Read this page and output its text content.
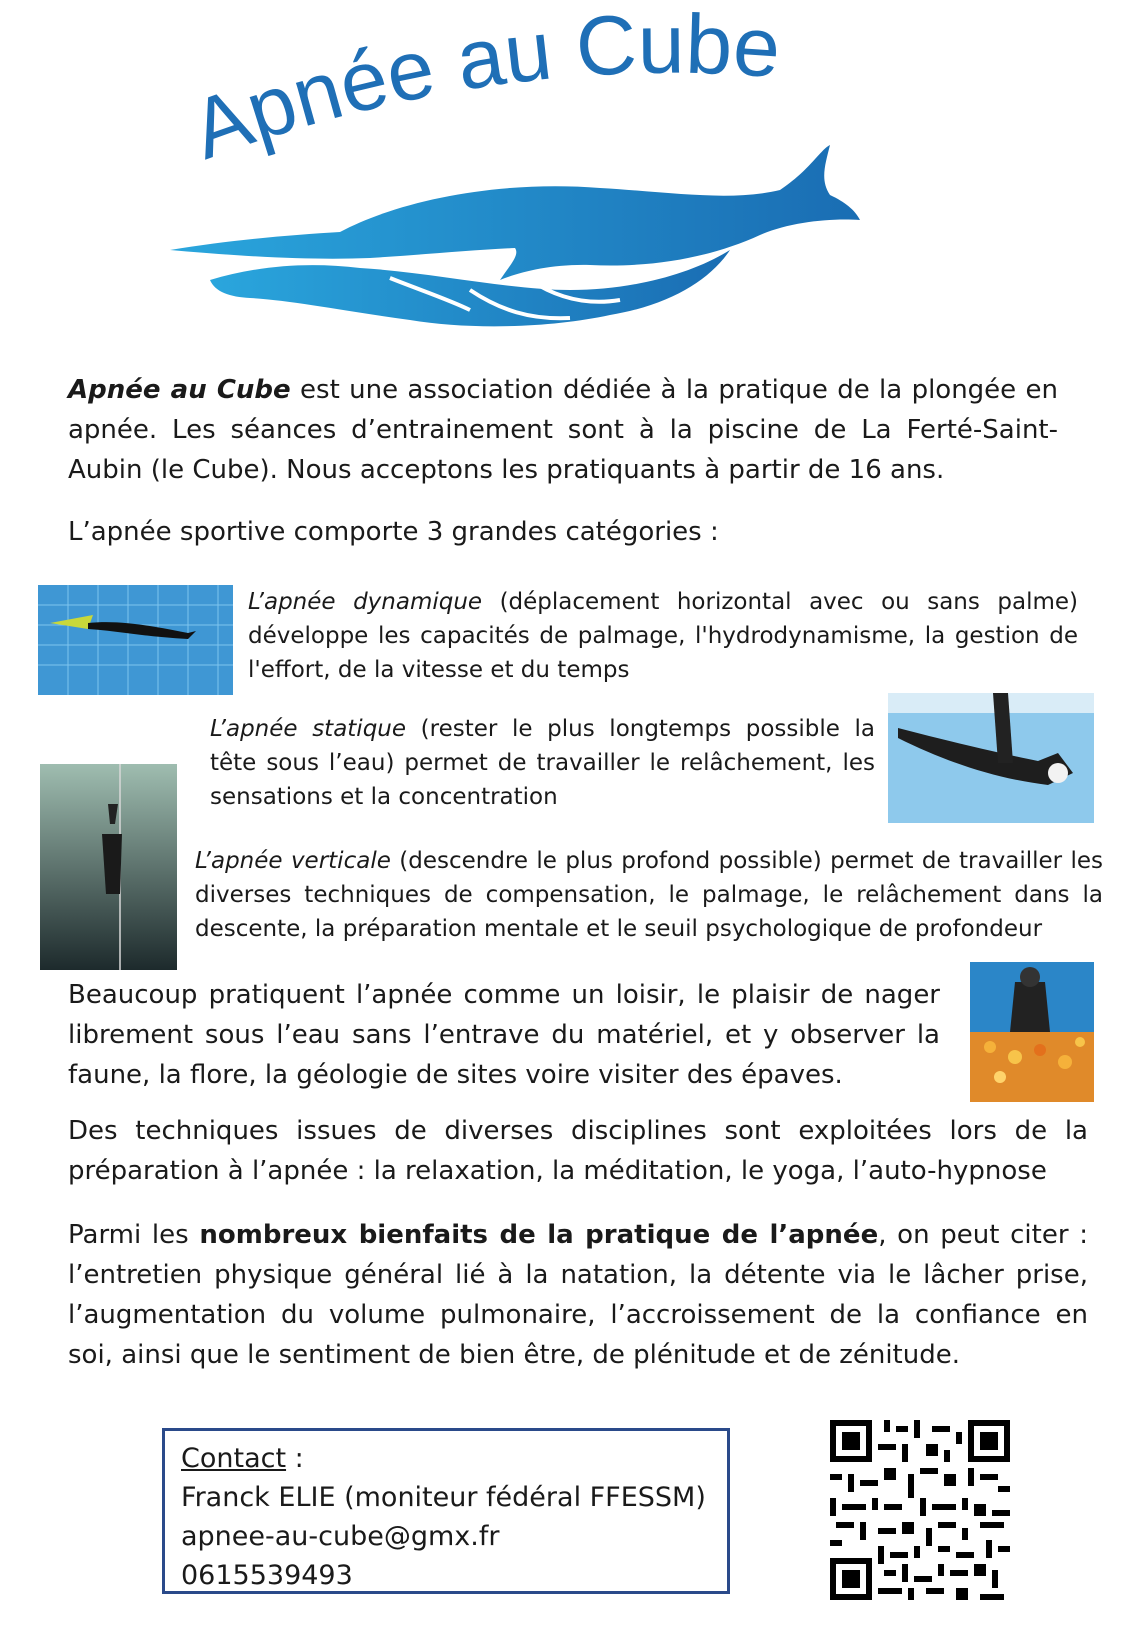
Apnée au Cube
Apnée au Cube est une association dédiée à la pratique de la plongée en apnée. Les séances d’entrainement sont à la piscine de La Ferté-Saint-Aubin (le Cube). Nous acceptons les pratiquants à partir de 16 ans.
L’apnée sportive comporte 3 grandes catégories :
L’apnée dynamique (déplacement horizontal avec ou sans palme) développe les capacités de palmage, l'hydrodynamisme, la gestion de l'effort, de la vitesse et du temps
L’apnée statique (rester le plus longtemps possible la tête sous l’eau) permet de travailler le relâchement, les sensations et la concentration
L’apnée verticale (descendre le plus profond possible) permet de travailler les diverses techniques de compensation, le palmage, le relâchement dans la descente, la préparation mentale et le seuil psychologique de profondeur
Beaucoup pratiquent l’apnée comme un loisir, le plaisir de nager librement sous l’eau sans l’entrave du matériel, et y observer la faune, la flore, la géologie de sites voire visiter des épaves.
Des techniques issues de diverses disciplines sont exploitées lors de la préparation à l’apnée : la relaxation, la méditation, le yoga, l’auto-hypnose
Parmi les nombreux bienfaits de la pratique de l’apnée, on peut citer : l’entretien physique général lié à la natation, la détente via le lâcher prise, l’augmentation du volume pulmonaire, l’accroissement de la confiance en soi, ainsi que le sentiment de bien être, de plénitude et de zénitude.
Contact :
Franck ELIE (moniteur fédéral FFESSM)
apnee-au-cube@gmx.fr
0615539493
